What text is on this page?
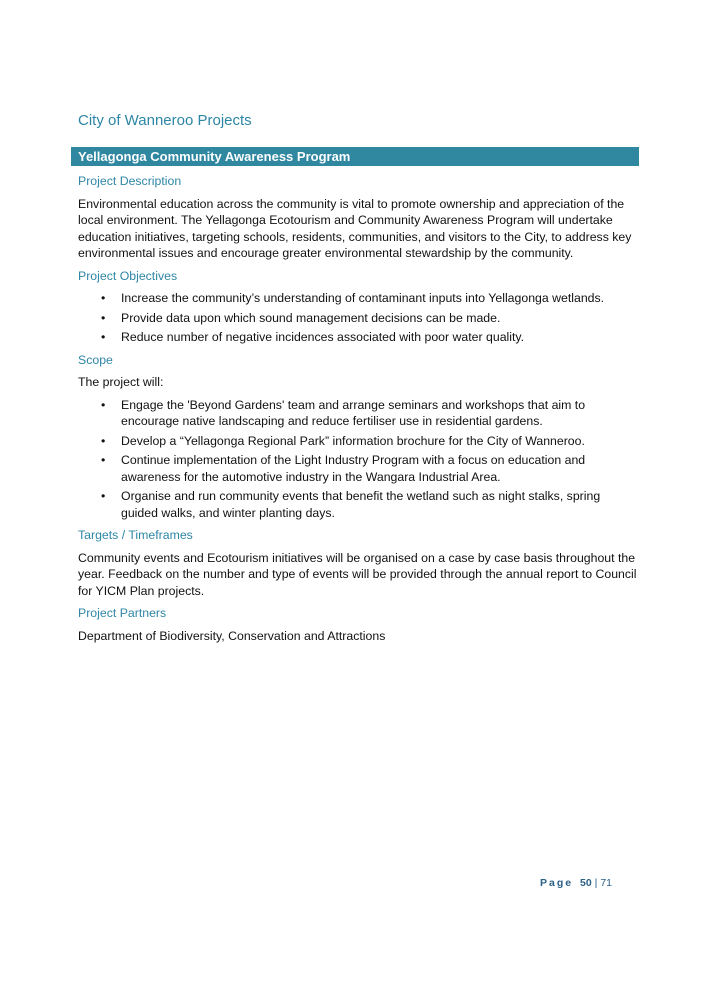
City of Wanneroo Projects
Yellagonga Community Awareness Program
Project Description

Environmental education across the community is vital to promote ownership and appreciation of the local environment. The Yellagonga Ecotourism and Community Awareness Program will undertake education initiatives, targeting schools, residents, communities, and visitors to the City, to address key environmental issues and encourage greater environmental stewardship by the community.

Project Objectives
• Increase the community’s understanding of contaminant inputs into Yellagonga wetlands.
• Provide data upon which sound management decisions can be made.
• Reduce number of negative incidences associated with poor water quality.
Scope

The project will:

• Engage the 'Beyond Gardens' team and arrange seminars and workshops that aim to encourage native landscaping and reduce fertiliser use in residential gardens.
• Develop a “Yellagonga Regional Park” information brochure for the City of Wanneroo.
• Continue implementation of the Light Industry Program with a focus on education and awareness for the automotive industry in the Wangara Industrial Area.
• Organise and run community events that benefit the wetland such as night stalks, spring guided walks, and winter planting days.
Targets / Timeframes

Community events and Ecotourism initiatives will be organised on a case by case basis throughout the year. Feedback on the number and type of events will be provided through the annual report to Council for YICM Plan projects.

Project Partners

Department of Biodiversity, Conservation and Attractions

Page 50 | 71
